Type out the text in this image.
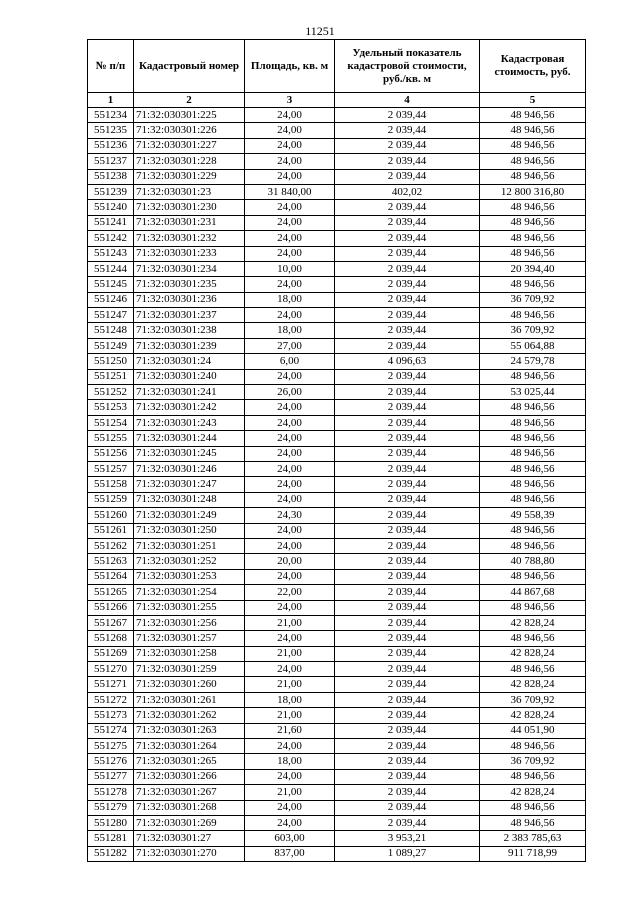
11251
№ п/п	Кадастровый номер	Площадь, кв. м	Удельный показатель кадастровой стоимости, руб./кв. м	Кадастровая стоимость, руб.
1	2	3	4	5
551234	71:32:030301:225	24,00	2 039,44	48 946,56
551235	71:32:030301:226	24,00	2 039,44	48 946,56
551236	71:32:030301:227	24,00	2 039,44	48 946,56
551237	71:32:030301:228	24,00	2 039,44	48 946,56
551238	71:32:030301:229	24,00	2 039,44	48 946,56
551239	71:32:030301:23	31 840,00	402,02	12 800 316,80
551240	71:32:030301:230	24,00	2 039,44	48 946,56
551241	71:32:030301:231	24,00	2 039,44	48 946,56
551242	71:32:030301:232	24,00	2 039,44	48 946,56
551243	71:32:030301:233	24,00	2 039,44	48 946,56
551244	71:32:030301:234	10,00	2 039,44	20 394,40
551245	71:32:030301:235	24,00	2 039,44	48 946,56
551246	71:32:030301:236	18,00	2 039,44	36 709,92
551247	71:32:030301:237	24,00	2 039,44	48 946,56
551248	71:32:030301:238	18,00	2 039,44	36 709,92
551249	71:32:030301:239	27,00	2 039,44	55 064,88
551250	71:32:030301:24	6,00	4 096,63	24 579,78
551251	71:32:030301:240	24,00	2 039,44	48 946,56
551252	71:32:030301:241	26,00	2 039,44	53 025,44
551253	71:32:030301:242	24,00	2 039,44	48 946,56
551254	71:32:030301:243	24,00	2 039,44	48 946,56
551255	71:32:030301:244	24,00	2 039,44	48 946,56
551256	71:32:030301:245	24,00	2 039,44	48 946,56
551257	71:32:030301:246	24,00	2 039,44	48 946,56
551258	71:32:030301:247	24,00	2 039,44	48 946,56
551259	71:32:030301:248	24,00	2 039,44	48 946,56
551260	71:32:030301:249	24,30	2 039,44	49 558,39
551261	71:32:030301:250	24,00	2 039,44	48 946,56
551262	71:32:030301:251	24,00	2 039,44	48 946,56
551263	71:32:030301:252	20,00	2 039,44	40 788,80
551264	71:32:030301:253	24,00	2 039,44	48 946,56
551265	71:32:030301:254	22,00	2 039,44	44 867,68
551266	71:32:030301:255	24,00	2 039,44	48 946,56
551267	71:32:030301:256	21,00	2 039,44	42 828,24
551268	71:32:030301:257	24,00	2 039,44	48 946,56
551269	71:32:030301:258	21,00	2 039,44	42 828,24
551270	71:32:030301:259	24,00	2 039,44	48 946,56
551271	71:32:030301:260	21,00	2 039,44	42 828,24
551272	71:32:030301:261	18,00	2 039,44	36 709,92
551273	71:32:030301:262	21,00	2 039,44	42 828,24
551274	71:32:030301:263	21,60	2 039,44	44 051,90
551275	71:32:030301:264	24,00	2 039,44	48 946,56
551276	71:32:030301:265	18,00	2 039,44	36 709,92
551277	71:32:030301:266	24,00	2 039,44	48 946,56
551278	71:32:030301:267	21,00	2 039,44	42 828,24
551279	71:32:030301:268	24,00	2 039,44	48 946,56
551280	71:32:030301:269	24,00	2 039,44	48 946,56
551281	71:32:030301:27	603,00	3 953,21	2 383 785,63
551282	71:32:030301:270	837,00	1 089,27	911 718,99
